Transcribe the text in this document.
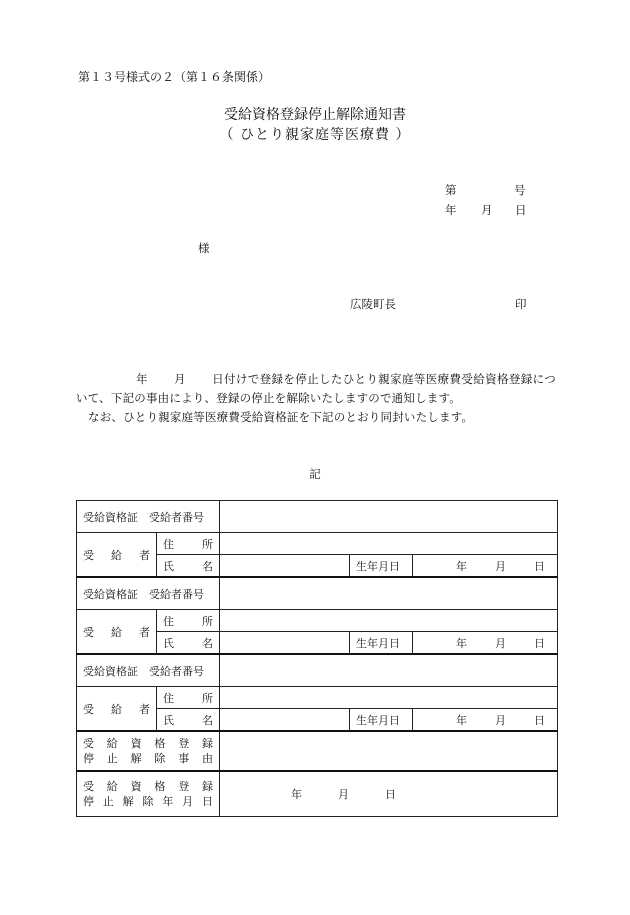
第１３号様式の２（第１６条関係）
受給資格登録停止解除通知書
（ ひとり親家庭等医療費 ）
第	号
年 月 日
様
広陵町長	印
年 月 日付けで登録を停止したひとり親家庭等医療費受給資格登録について、下記の事由により、登録の停止を解除いたしますので通知します。
なお、ひとり親家庭等医療費受給資格証を下記のとおり同封いたします。
記
受給資格証　 受給者番号				

受 給 者	住 所			

	氏 名		生年月日	年 月 日

受給資格証　 受給者番号				

受 給 者	住 所			

	氏 名		生年月日	年 月 日

受給資格証　 受給者番号				

受 給 者	住 所			

	氏 名		生年月日	年 月 日

受給資格登録
停止解除事由				

受給資格登録
停止解除年月日		年 月 日		
